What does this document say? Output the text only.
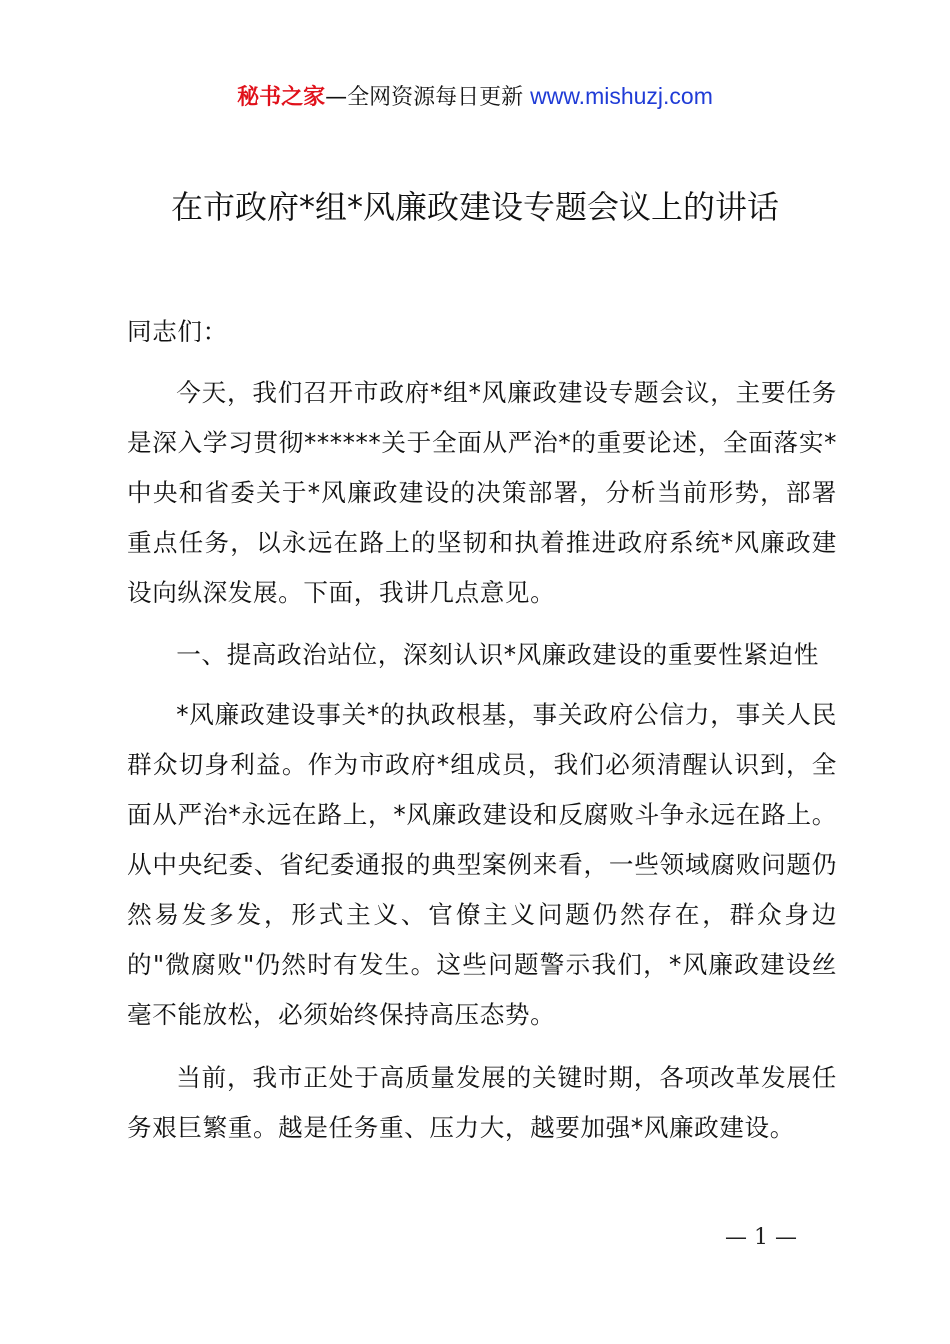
秘书之家—全网资源每日更新 www.mishuzj.com
在市政府*组*风廉政建设专题会议上的讲话
同志们：

今天，我们召开市政府*组*风廉政建设专题会议，主要任务是深入学习贯彻******关于全面从严治*的重要论述，全面落实*中央和省委关于*风廉政建设的决策部署，分析当前形势，部署重点任务，以永远在路上的坚韧和执着推进政府系统*风廉政建设向纵深发展。下面，我讲几点意见。

一、提高政治站位，深刻认识*风廉政建设的重要性紧迫性

*风廉政建设事关*的执政根基，事关政府公信力，事关人民群众切身利益。作为市政府*组成员，我们必须清醒认识到，全面从严治*永远在路上，*风廉政建设和反腐败斗争永远在路上。从中央纪委、省纪委通报的典型案例来看，一些领域腐败问题仍然易发多发，形式主义、官僚主义问题仍然存在，群众身边的"微腐败"仍然时有发生。这些问题警示我们，*风廉政建设丝毫不能放松，必须始终保持高压态势。

当前，我市正处于高质量发展的关键时期，各项改革发展任务艰巨繁重。越是任务重、压力大，越要加强*风廉政建设。

— 1 —
